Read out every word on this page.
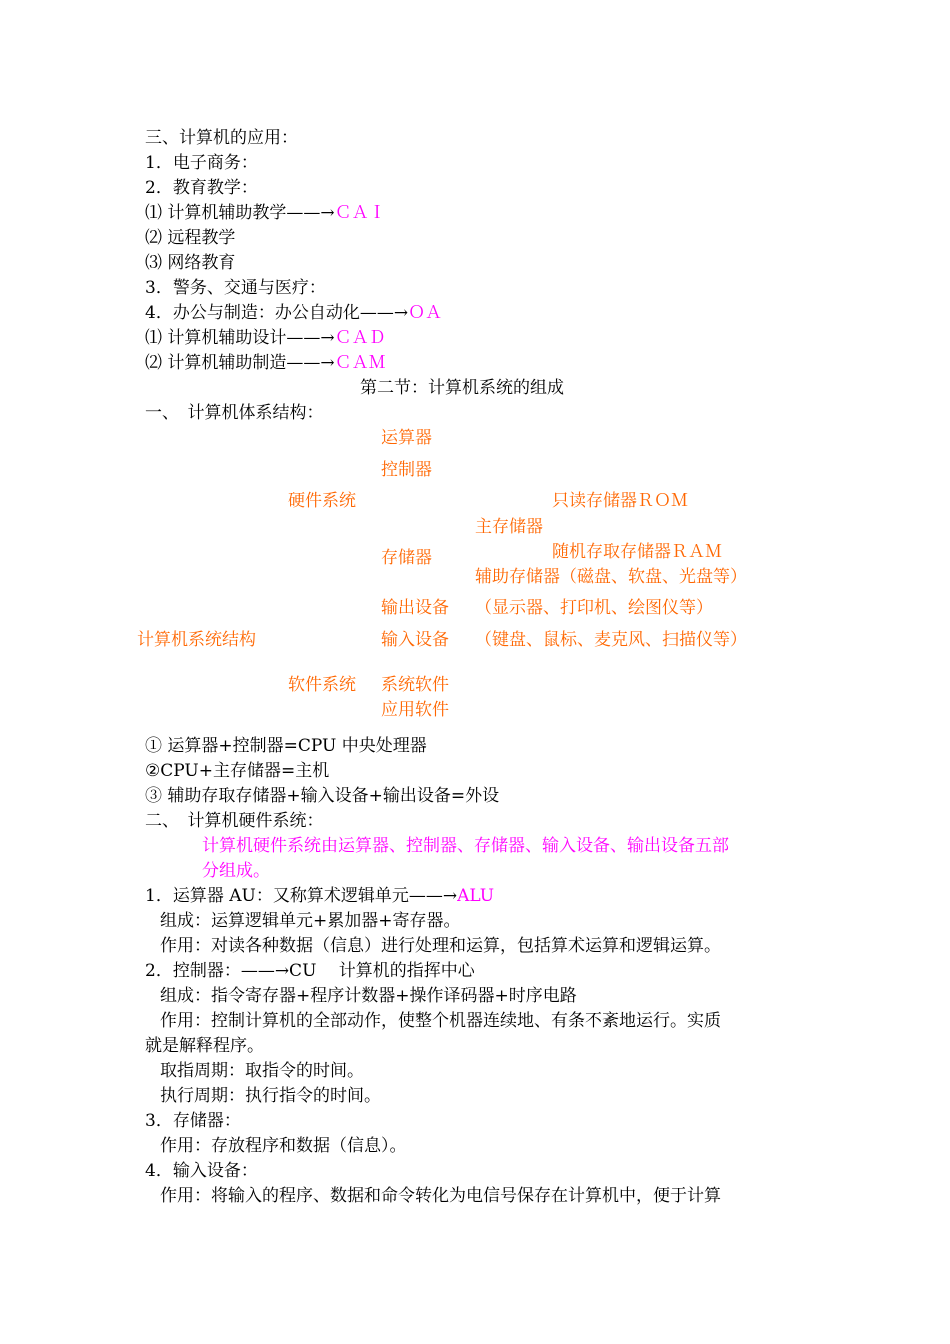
三、计算机的应用：
1．电子商务：
2．教育教学：
⑴ 计算机辅助教学——→ＣＡＩ
⑵ 远程教学
⑶ 网络教育
3．警务、交通与医疗：
4．办公与制造：办公自动化——→ＯＡ
⑴ 计算机辅助设计——→ＣＡＤ
⑵ 计算机辅助制造——→ＣＡＭ
第二节：计算机系统的组成
一、　计算机体系结构：
运算器
控制器
硬件系统	只读存储器ＲＯＭ
主存储器
随机存取存储器ＲＡＭ
存储器
辅助存储器（磁盘、软盘、光盘等）
输出设备 （显示器、打印机、绘图仪等）
计算机系统结构	输入设备 （键盘、鼠标、麦克风、扫描仪等）
软件系统 系统软件
应用软件
① 运算器+控制器=CPU 中央处理器
②CPU+主存储器=主机
③ 辅助存取存储器+输入设备+输出设备=外设
二、　计算机硬件系统：
计算机硬件系统由运算器、控制器、存储器、输入设备、输出设备五部
分组成。
1．运算器 AU：又称算术逻辑单元——→ALU
组成：运算逻辑单元+累加器+寄存器。
作用：对读各种数据（信息）进行处理和运算，包括算术运算和逻辑运算。
2．控制器：——→CU　 计算机的指挥中心
组成：指令寄存器+程序计数器+操作译码器+时序电路
作用：控制计算机的全部动作，使整个机器连续地、有条不紊地运行。实质
就是解释程序。
取指周期：取指令的时间。
执行周期：执行指令的时间。
3．存储器：
作用：存放程序和数据（信息）。
4．输入设备：
作用：将输入的程序、数据和命令转化为电信号保存在计算机中，便于计算
